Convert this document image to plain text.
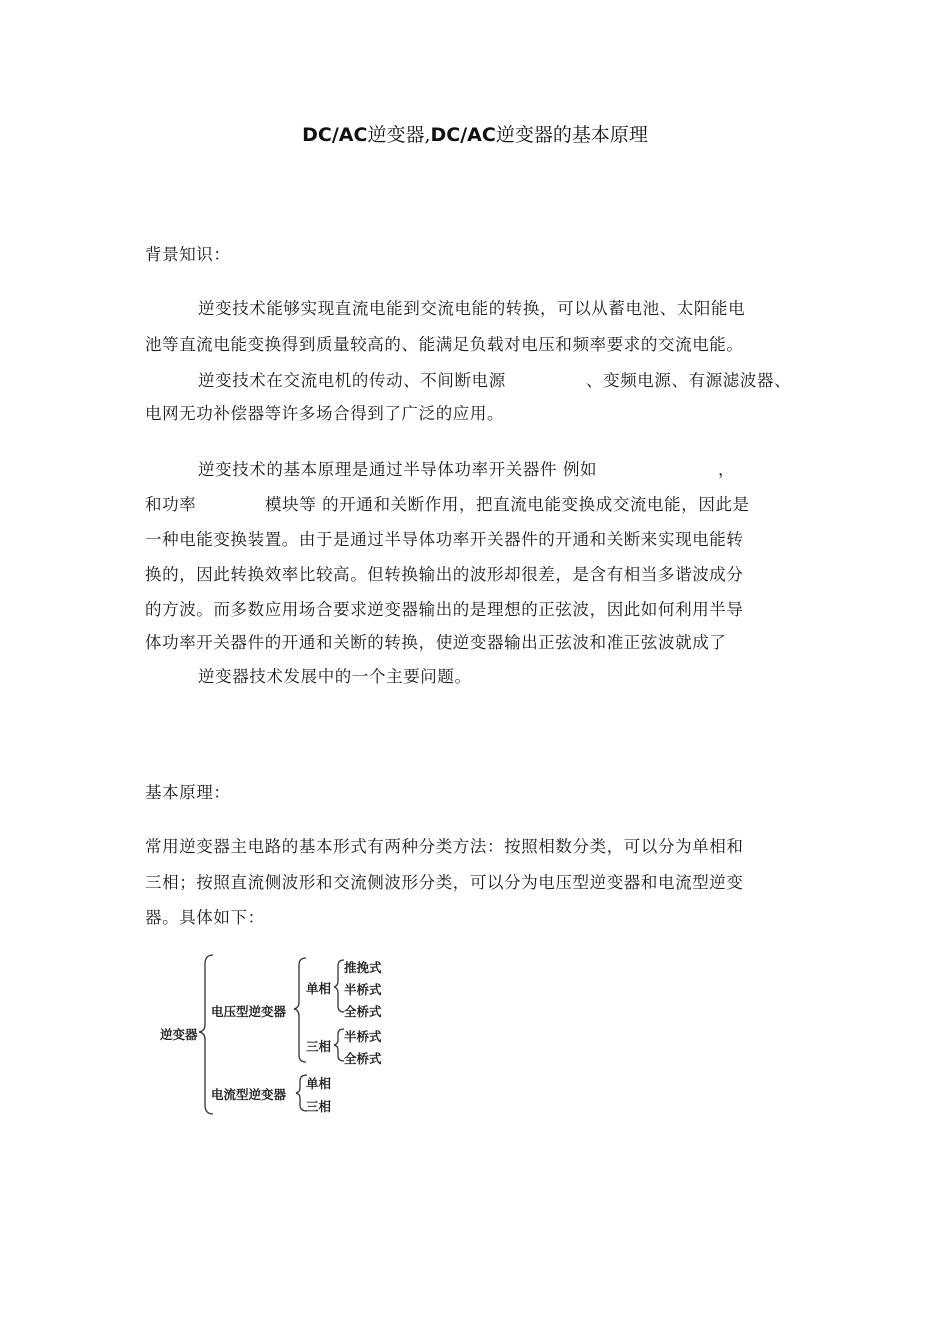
DC/AC逆变器,DC/AC逆变器的基本原理
背景知识：
逆变技术能够实现直流电能到交流电能的转换，可以从蓄电池、太阳能电
池等直流电能变换得到质量较高的、能满足负载对电压和频率要求的交流电能。
逆变技术在交流电机的传动、不间断电源	、变频电源、有源滤波器、
电网无功补偿器等许多场合得到了广泛的应用。
逆变技术的基本原理是通过半导体功率开关器件 例如	，
和功率	模块等 的开通和关断作用，把直流电能变换成交流电能，因此是
一种电能变换装置。由于是通过半导体功率开关器件的开通和关断来实现电能转
换的，因此转换效率比较高。但转换输出的波形却很差，是含有相当多谐波成分
的方波。而多数应用场合要求逆变器输出的是理想的正弦波，因此如何利用半导
体功率开关器件的开通和关断的转换，使逆变器输出正弦波和准正弦波就成了
逆变器技术发展中的一个主要问题。
基本原理：
常用逆变器主电路的基本形式有两种分类方法：按照相数分类，可以分为单相和
三相；按照直流侧波形和交流侧波形分类，可以分为电压型逆变器和电流型逆变
器。具体如下：
逆变器
电压型逆变器
电流型逆变器
单相
三相
推挽式
半桥式
全桥式
半桥式
全桥式
单相
三相
